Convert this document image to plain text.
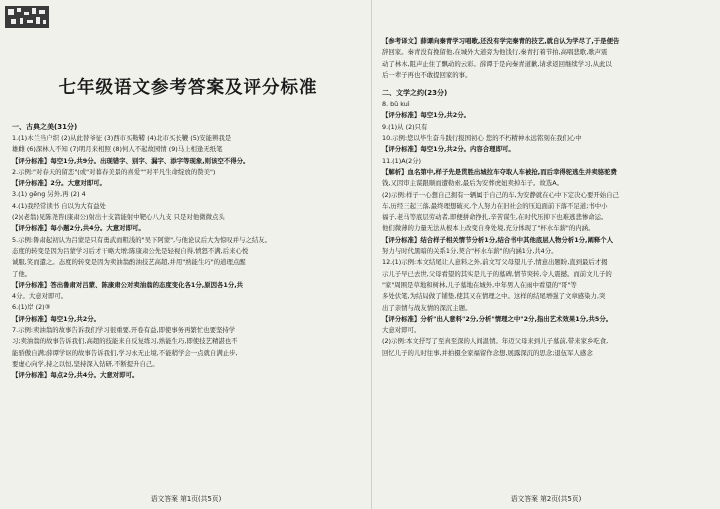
七年级语文参考答案及评分标准
一、古典之美(31分)
1.(1)木兰当户织 (2)从此替爷征 (3)西市买鞍鞯 (4)北市买长鞭 (5)安能辨我是
雄雌 (6)深林人不知 (7)明月来相照 (8)何人不起故园情 (9)马上相逢无纸笔
【评分标准】每空1分,共9分。出现错字、别字、漏字、添字等现象,则该空不得分。
2.示例:"对春天的留恋"(或"对暮春美景的喜爱""对平凡生命绽放的赞美")
【评分标准】2分。大意对即可。
3.(1) gēng 另外,再 (2) 4
4.(1)我经常读书 自以为大有益处
(2)(老翁)见陈尧咨(康肃公)射出十支箭能射中靶心八九支 只是对他微微点头
【评分标准】每小题2分,共4分。大意对即可。
5.示例:鲁肃起初认为吕蒙是只有勇武而粗浅的"吴下阿蒙",与他论议后大为惊叹并与之结友。
态度的转变是因为吕蒙学习后才干略大增;陈康肃公先是轻视自得,愤怒不满,后来心悦
诚服,笑而遣之。态度的转变是因为卖油翁酌油技艺高超,并用"熟能生巧"的道理点醒
了他。
【评分标准】答出鲁肃对吕蒙、陈康肃公对卖油翁的态度变化各1分,原因各1分,共
4分。大意对即可。
6.(1)岸 (2)③
【评分标准】每空1分,共2分。
7.示例:卖油翁的故事告诉我们学习很重要,开卷有益,即使事务再繁忙也要坚持学
习;卖油翁的故事告诉我们,高超的技能来自反复练习,熟能生巧,即使技艺精湛也不
能骄傲自满;薛谭学讴的故事告诉我们,学习永无止境,不能稍学会一点就自满止步,
要虚心向学,持之以恒,坚持深入钻研,不断提升自己。
【评分标准】每点2分,共4分。大意对即可。
语文答案 第1页(共5页)
【参考译文】薛谭向秦青学习唱歌,还没有学完秦青的技艺,就自认为学尽了,于是便告
辞回家。秦青没有挽留他,在城外大道旁为他饯行,秦青打着节拍,高唱悲歌,歌声震
动了林木,阻声止住了飘动的云彩。薛谭于是向秦青道歉,请求返回继续学习,从此以
后一辈子再也不敢提回家的事。
二、文学之约(23分)
8. bǔ kuì
【评分标准】每空1分,共2分。
9.(1)从 (2)只有
10.示例:您以毕生奋斗践行报国初心 您的不朽精神永远铭刻在我们心中
【评分标准】每空1分,共2分。内容合理即可。
11.(1)A(2分)
【解析】血名第中,样子先是贯胜出城拉车夺取人车被抢,而后幸得驼逃生并卖骆驼费
钱,又因审主谋跟顺而遭勒索,最后为安葬虎妞卖掉车子。故选A。
(2)示例:样子一心想自己拥有一辆属于自己的车,为安静就在心中下定决心要开始自己
车,历经三起三落,最终理想破灭,个人努力在旧社会的压迫面前下落不足道;书中小
福子,老马等底层劳动者,即便拼命挣扎,辛苦谋生,在时代压抑下也难逃悲惨命运。
他们微薄的力量无法从根本上改变自身处境,充分体现了"杯水车薪"的内涵。
【评分标准】结合样子相关情节分析1分,结合书中其他底层人物分析1分,阐释个人
努力与时代黑暗的关系1分,契合"杯水车薪"的内涵1分,共4分。
12.(1)示例:本文结尾让人意料之外,前文写父母望儿子,情意出题盼,直到最后才揭
示儿子早已去世,父母看望的其实是儿子的墓碑,情节突转,令人震撼。而前文儿子的
"家"周围是草地和树林,儿子墓地在城外,中年男人在雨中看望的"哥"等
多处伏笔,为结局做了铺垫,使其又在情理之中。这样的结尾增强了文章感染力,突
出了亲情与战友情的深沉主题。
【评分标准】分析"出人意料"2分,分析"情理之中"2分,指出艺术效果1分,共5分。
大意对即可。
(2)示例:本文抒写了至真至深的人间温情。年迈父母来到儿子墓前,带来家乡吃食,
回忆儿子的儿时往事,并拍摄全家福留作念想,展露深沉的思念;退伍军人感念
语文答案 第2页(共5页)
